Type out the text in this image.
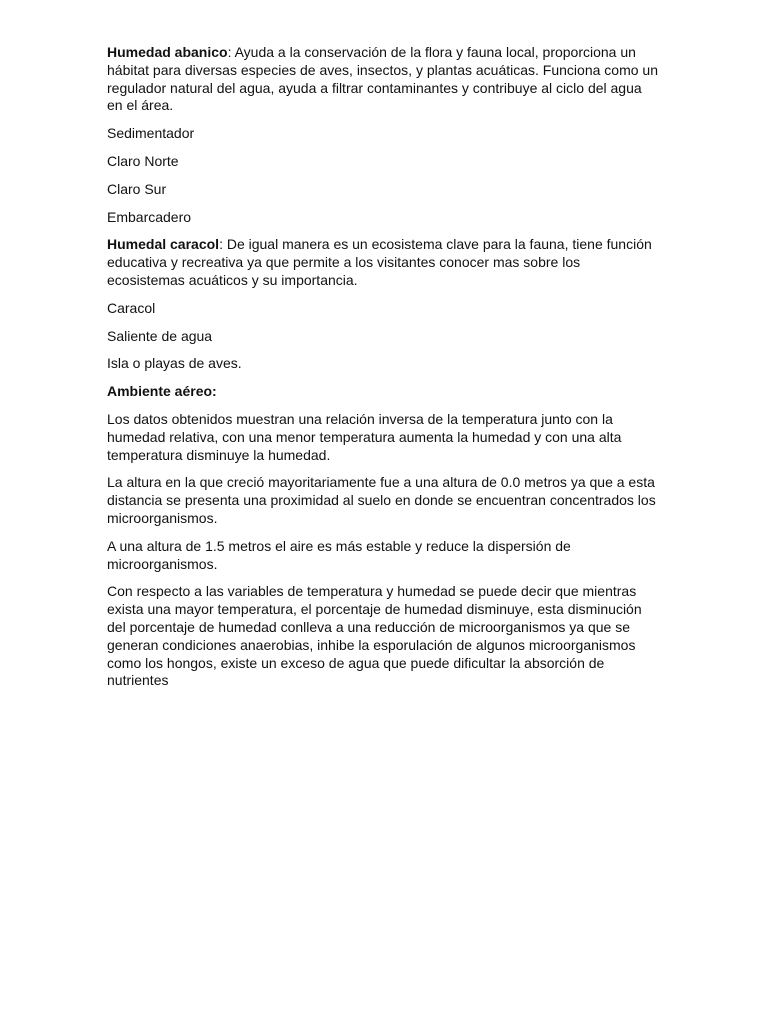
Humedad abanico: Ayuda a la conservación de la flora y fauna local, proporciona un hábitat para diversas especies de aves, insectos, y plantas acuáticas. Funciona como un regulador natural del agua, ayuda a filtrar contaminantes y contribuye al ciclo del agua en el área.

Sedimentador

Claro Norte

Claro Sur

Embarcadero

Humedal caracol: De igual manera es un ecosistema clave para la fauna, tiene función educativa y recreativa ya que permite a los visitantes conocer mas sobre los ecosistemas acuáticos y su importancia.

Caracol

Saliente de agua

Isla o playas de aves.

Ambiente aéreo:

Los datos obtenidos muestran una relación inversa de la temperatura junto con la humedad relativa, con una menor temperatura aumenta la humedad y con una alta temperatura disminuye la humedad.

La altura en la que creció mayoritariamente fue a una altura de 0.0 metros ya que a esta distancia se presenta una proximidad al suelo en donde se encuentran concentrados los microorganismos.

A una altura de 1.5 metros el aire es más estable y reduce la dispersión de microorganismos.

Con respecto a las variables de temperatura y humedad se puede decir que mientras exista una mayor temperatura, el porcentaje de humedad disminuye, esta disminución del porcentaje de humedad conlleva a una reducción de microorganismos ya que se generan condiciones anaerobias, inhibe la esporulación de algunos microorganismos como los hongos, existe un exceso de agua que puede dificultar la absorción de nutrientes
